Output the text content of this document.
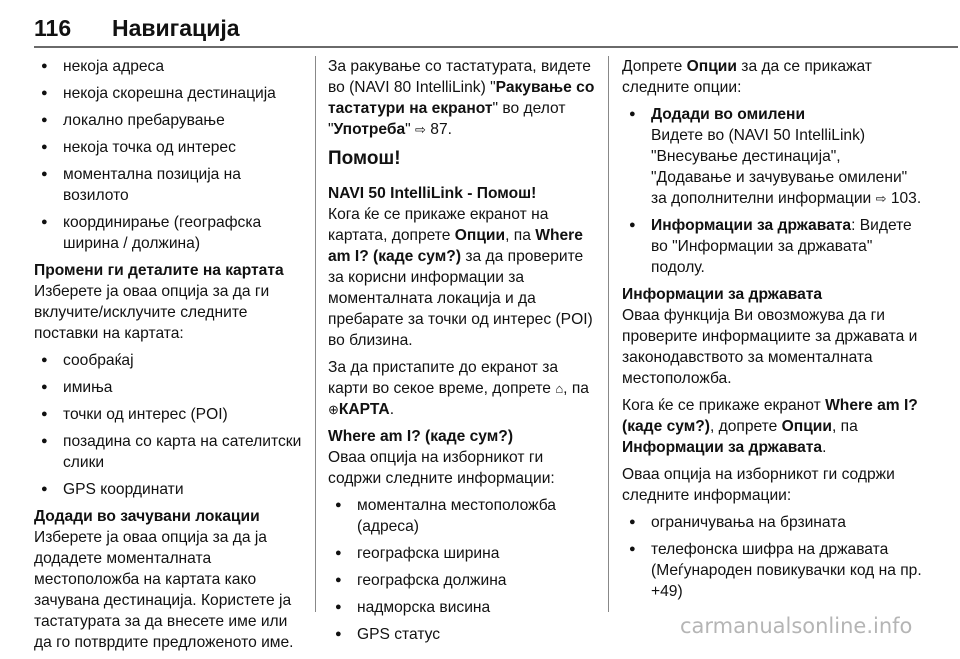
116 Навигација
● некоја адреса
● некоја скорешна дестинација
● локално пребарување
● некоја точка од интерес
● моментална позиција на возилото
● координирање (географска ширина / должина)

Промени ги деталите на картата

Изберете ја оваа опција за да ги вклучите/исклучите следните поставки на картата:

● сообраќај
● имиња
● точки од интерес (POI)
● позадина со карта на сателитски слики
● GPS координати

Додади во зачувани локации

Изберете ја оваа опција за да ја додадете моменталната местоположба на картата како зачувана дестинација. Користете ја тастатурата за да внесете име или да го потврдите предложеното име.

За ракување со тастатурата, видете во (NAVI 80 IntelliLink) "Ракување со тастатури на екранот" во делот "Употреба" ⇨ 87.

Помош!

NAVI 50 IntelliLink - Помош!

Кога ќе се прикаже екранот на картата, допрете Опции, па Where am I? (каде сум?) за да проверите за корисни информации за моменталната локација и да пребарате за точки од интерес (POI) во близина.

За да пристапите до екранот за карти во секое време, допрете ⌂, па ⊕КАРТА.

Where am I? (каде сум?)

Оваа опција на изборникот ги содржи следните информации:

● моментална местоположба (адреса)
● географска ширина
● географска должина
● надморска висина
● GPS статус

Допрете Опции за да се прикажат следните опции:

● Додади во омилени
Видете во (NAVI 50 IntelliLink) "Внесување дестинација", "Додавање и зачувување омилени" за дополнителни информации ⇨ 103.
● Информации за државата: Видете во "Информации за државата" подолу.

Информации за државата

Оваа функција Ви овозможува да ги проверите информациите за државата и законодавството за моменталната местоположба.

Кога ќе се прикаже екранот Where am I? (каде сум?), допрете Опции, па Информации за државата.

Оваа опција на изборникот ги содржи следните информации:

● ограничувања на брзината
● телефонска шифра на државата (Меѓународен повикувачки код на пр. +49)
carmanualsonline.info
